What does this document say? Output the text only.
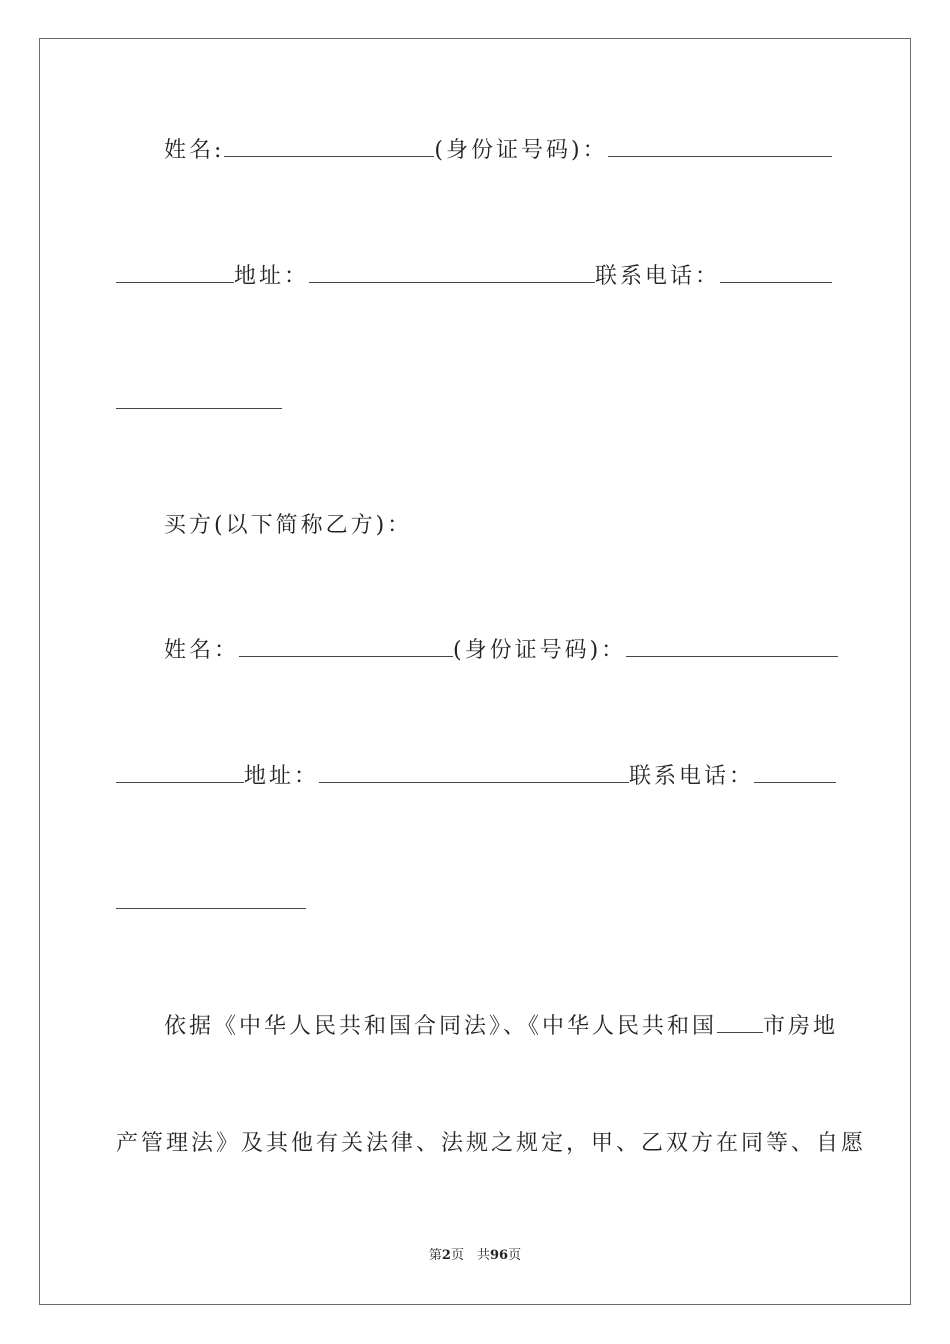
姓名:	(身份证号码)：
地址：	联系电话：
买方(以下简称乙方)：
姓名：	(身份证号码)：
地址：	联系电话：
依据《中华人民共和国合同法》、《中华人民共和国 市房地
产管理法》及其他有关法律、法规之规定，甲、乙双方在同等、自愿
第2页　共96页
